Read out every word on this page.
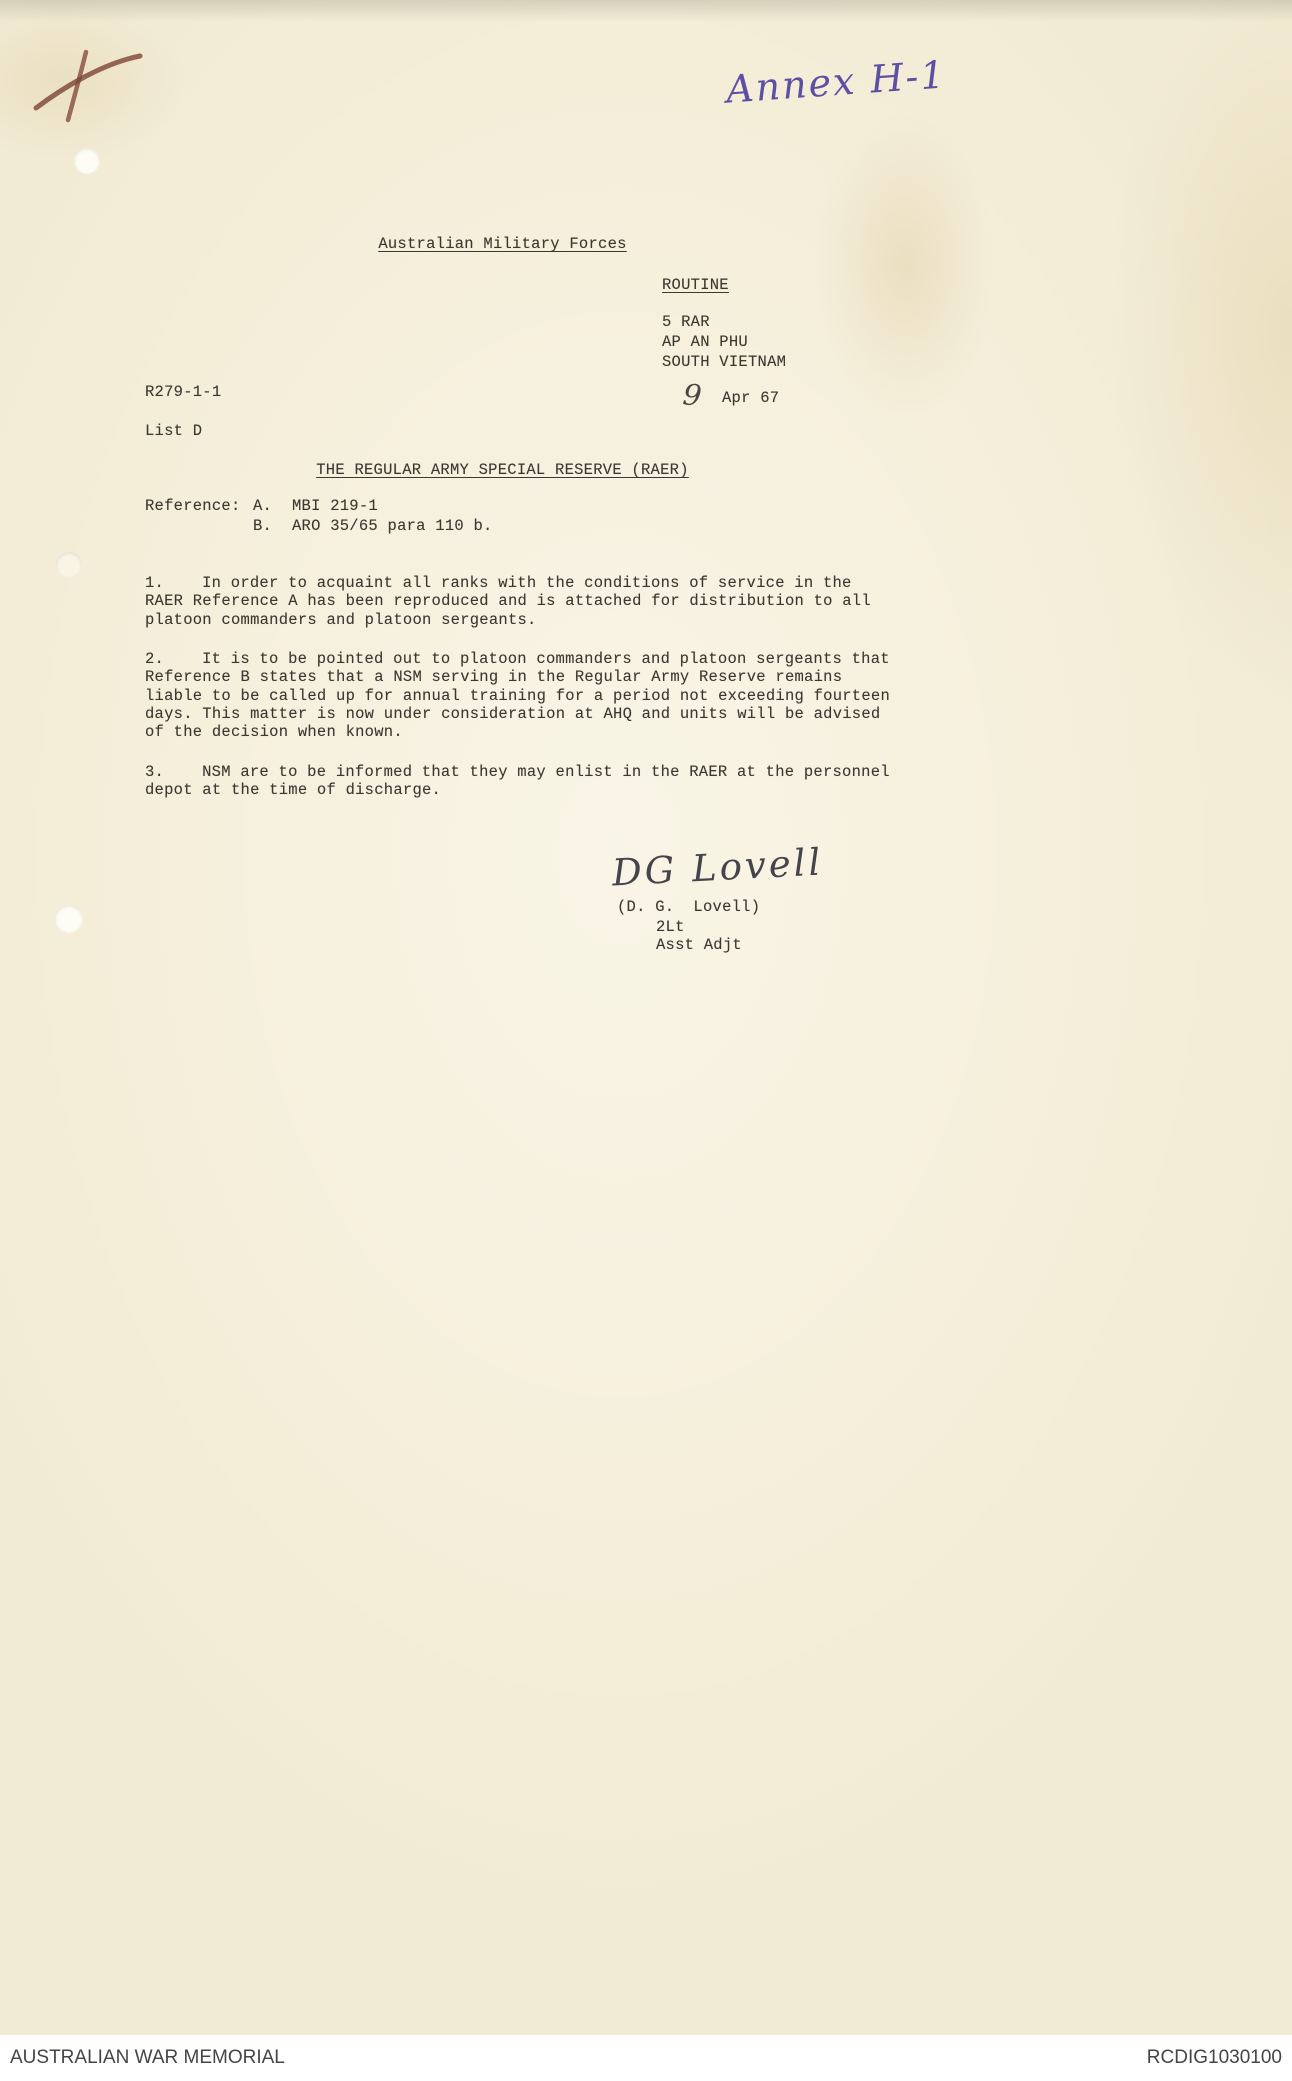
Annex H-1
Australian Military Forces
ROUTINE
5 RAR
AP AN PHU
SOUTH VIETNAM
R279-1-1	9 Apr 67
List D
THE REGULAR ARMY SPECIAL RESERVE (RAER)
Reference: A. MBI 219-1
B. ARO 35/65 para 110 b.
1. In order to acquaint all ranks with the conditions of service in the RAER Reference A has been reproduced and is attached for distribution to all platoon commanders and platoon sergeants.
2. It is to be pointed out to platoon commanders and platoon sergeants that Reference B states that a NSM serving in the Regular Army Reserve remains liable to be called up for annual training for a period not exceeding fourteen days. This matter is now under consideration at AHQ and units will be advised of the decision when known.
3. NSM are to be informed that they may enlist in the RAER at the personnel depot at the time of discharge.
DG Lovell
(D. G.  Lovell)
2Lt
Asst Adjt
AUSTRALIAN WAR MEMORIAL	RCDIG1030100
